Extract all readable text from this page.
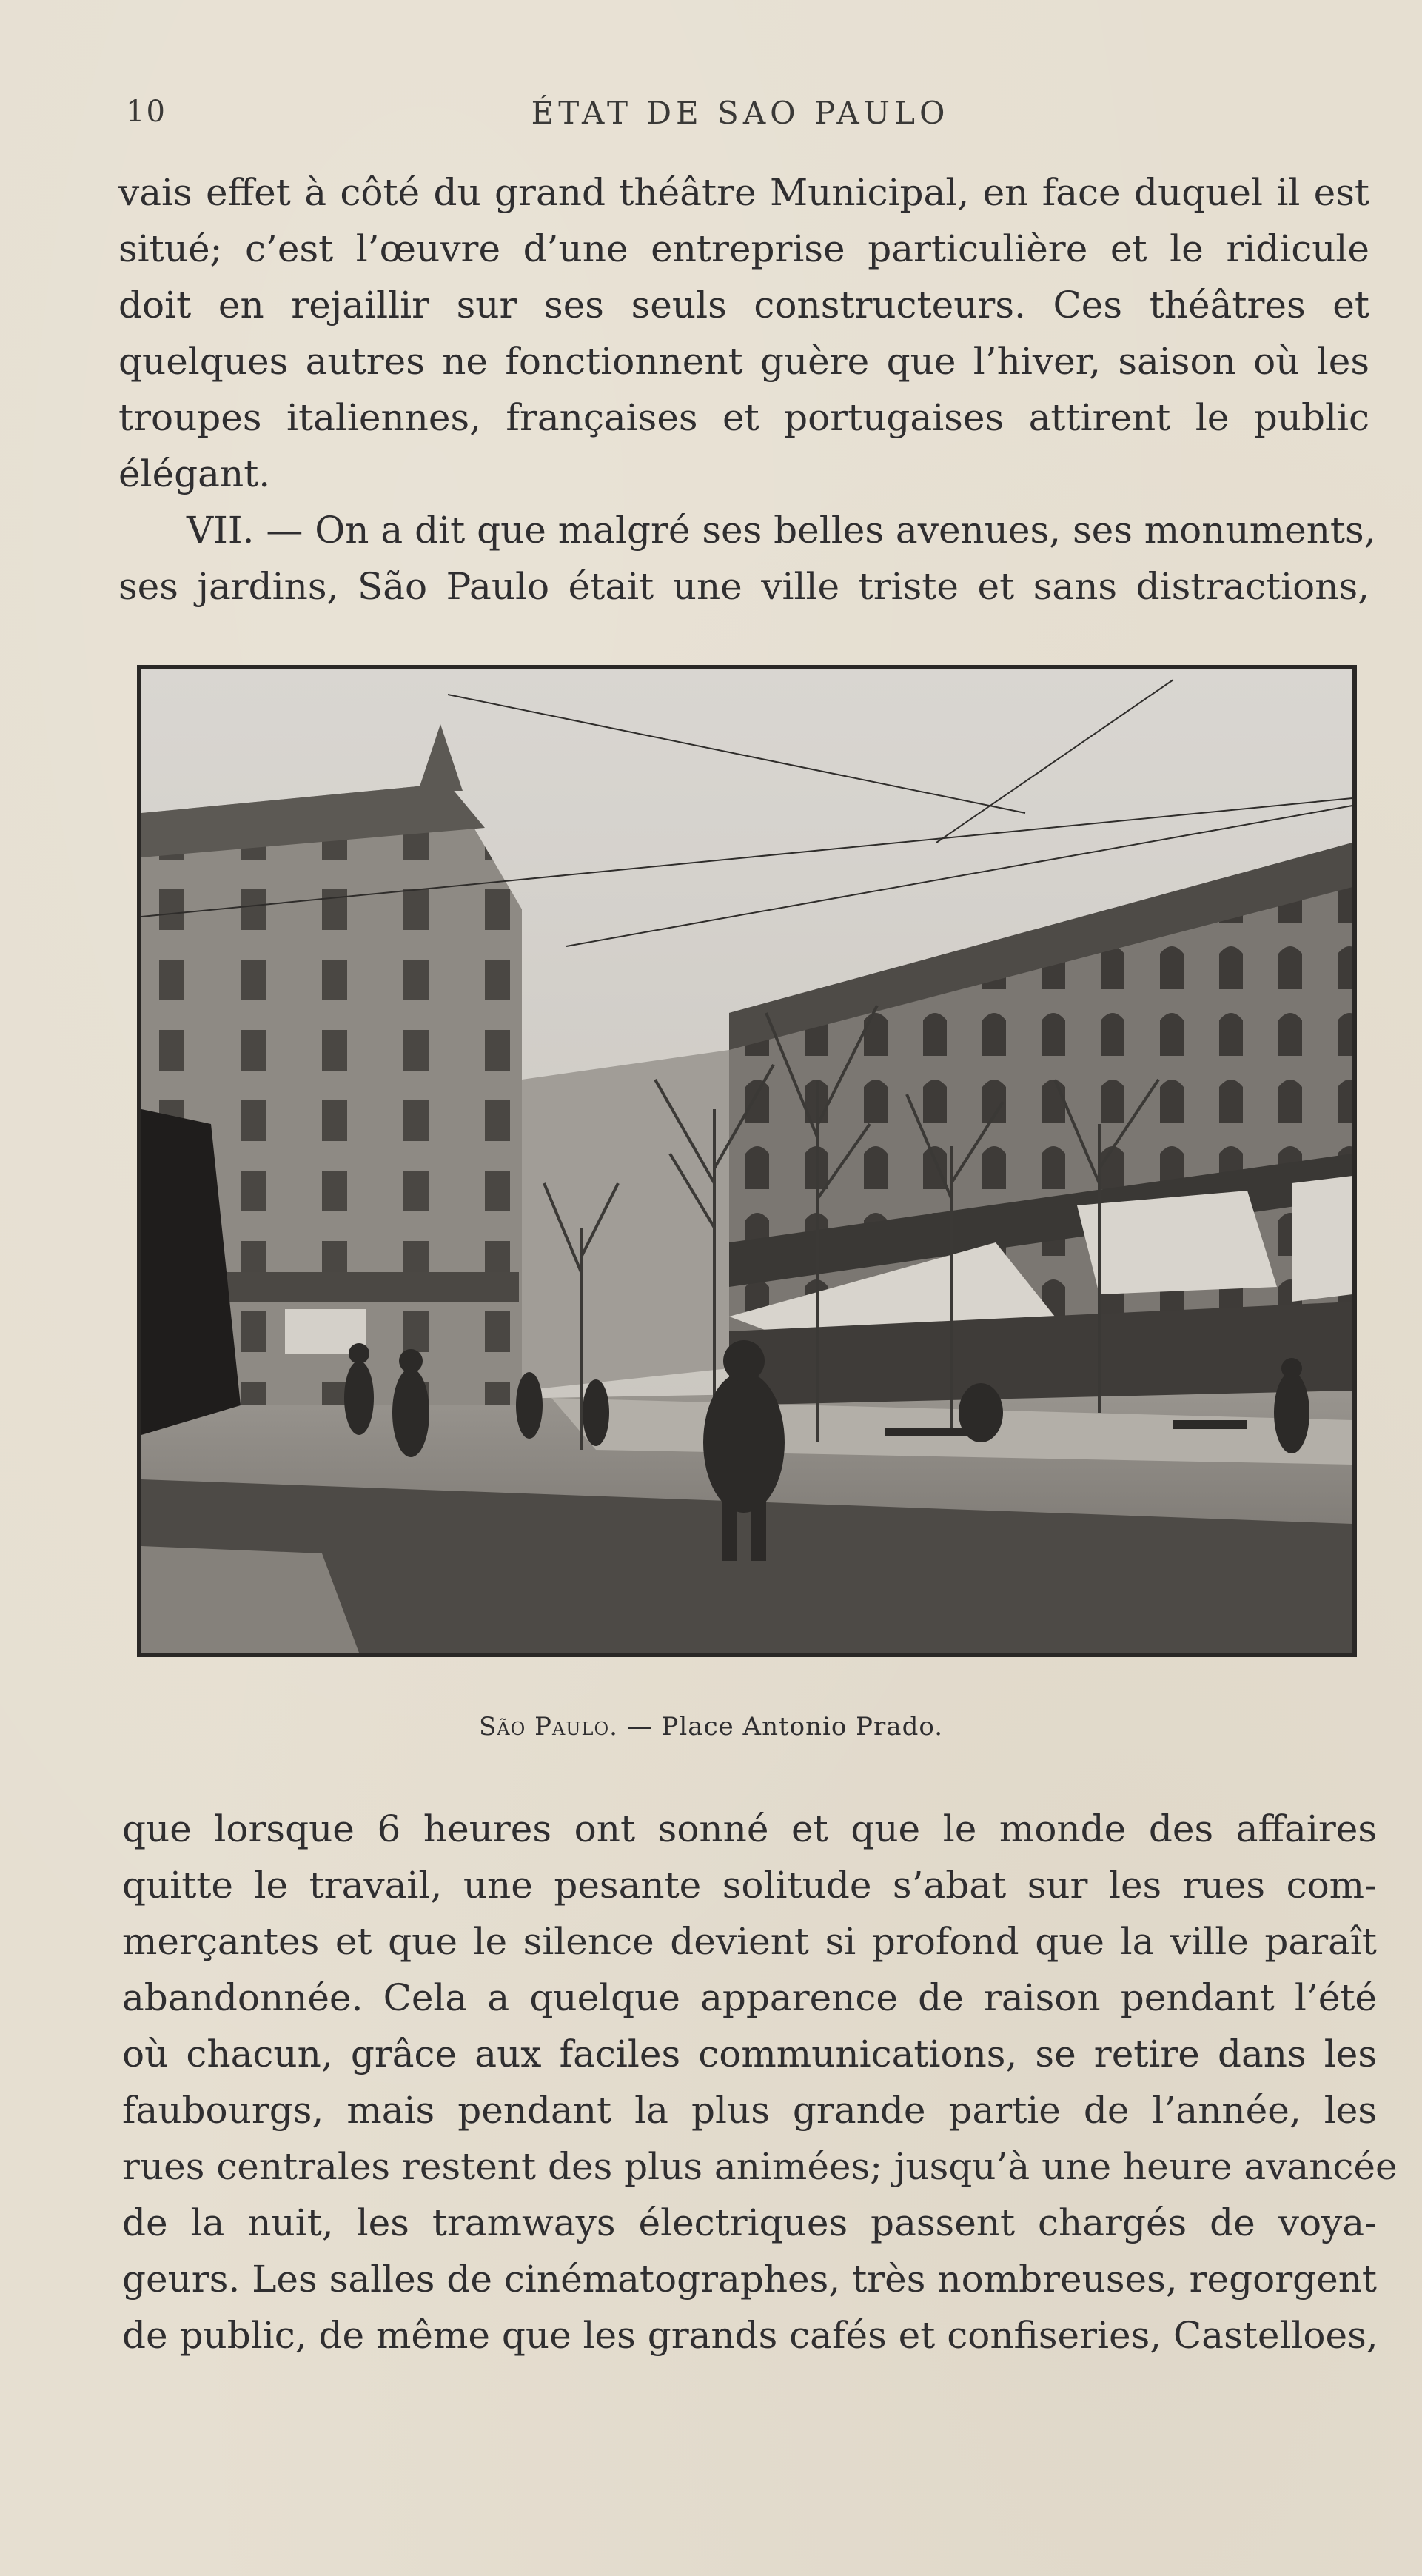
10	ÉTAT DE SAO PAULO
vais effet à côté du grand théâtre Municipal, en face duquel il est
situé; c’est l’œuvre d’une entreprise particulière et le ridicule
doit en rejaillir sur ses seuls constructeurs. Ces théâtres et
quelques autres ne fonctionnent guère que l’hiver, saison où les
troupes italiennes, françaises et portugaises attirent le public
élégant.
VII. — On a dit que malgré ses belles avenues, ses monuments,
ses jardins, São Paulo était une ville triste et sans distractions,
São Paulo. — Place Antonio Prado.
que lorsque 6 heures ont sonné et que le monde des affaires
quitte le travail, une pesante solitude s’abat sur les rues com-
merçantes et que le silence devient si profond que la ville paraît
abandonnée. Cela a quelque apparence de raison pendant l’été
où chacun, grâce aux faciles communications, se retire dans les
faubourgs, mais pendant la plus grande partie de l’année, les
rues centrales restent des plus animées; jusqu’à une heure avancée
de la nuit, les tramways électriques passent chargés de voya-
geurs. Les salles de cinématographes, très nombreuses, regorgent
de public, de même que les grands cafés et confiseries, Castelloes,
